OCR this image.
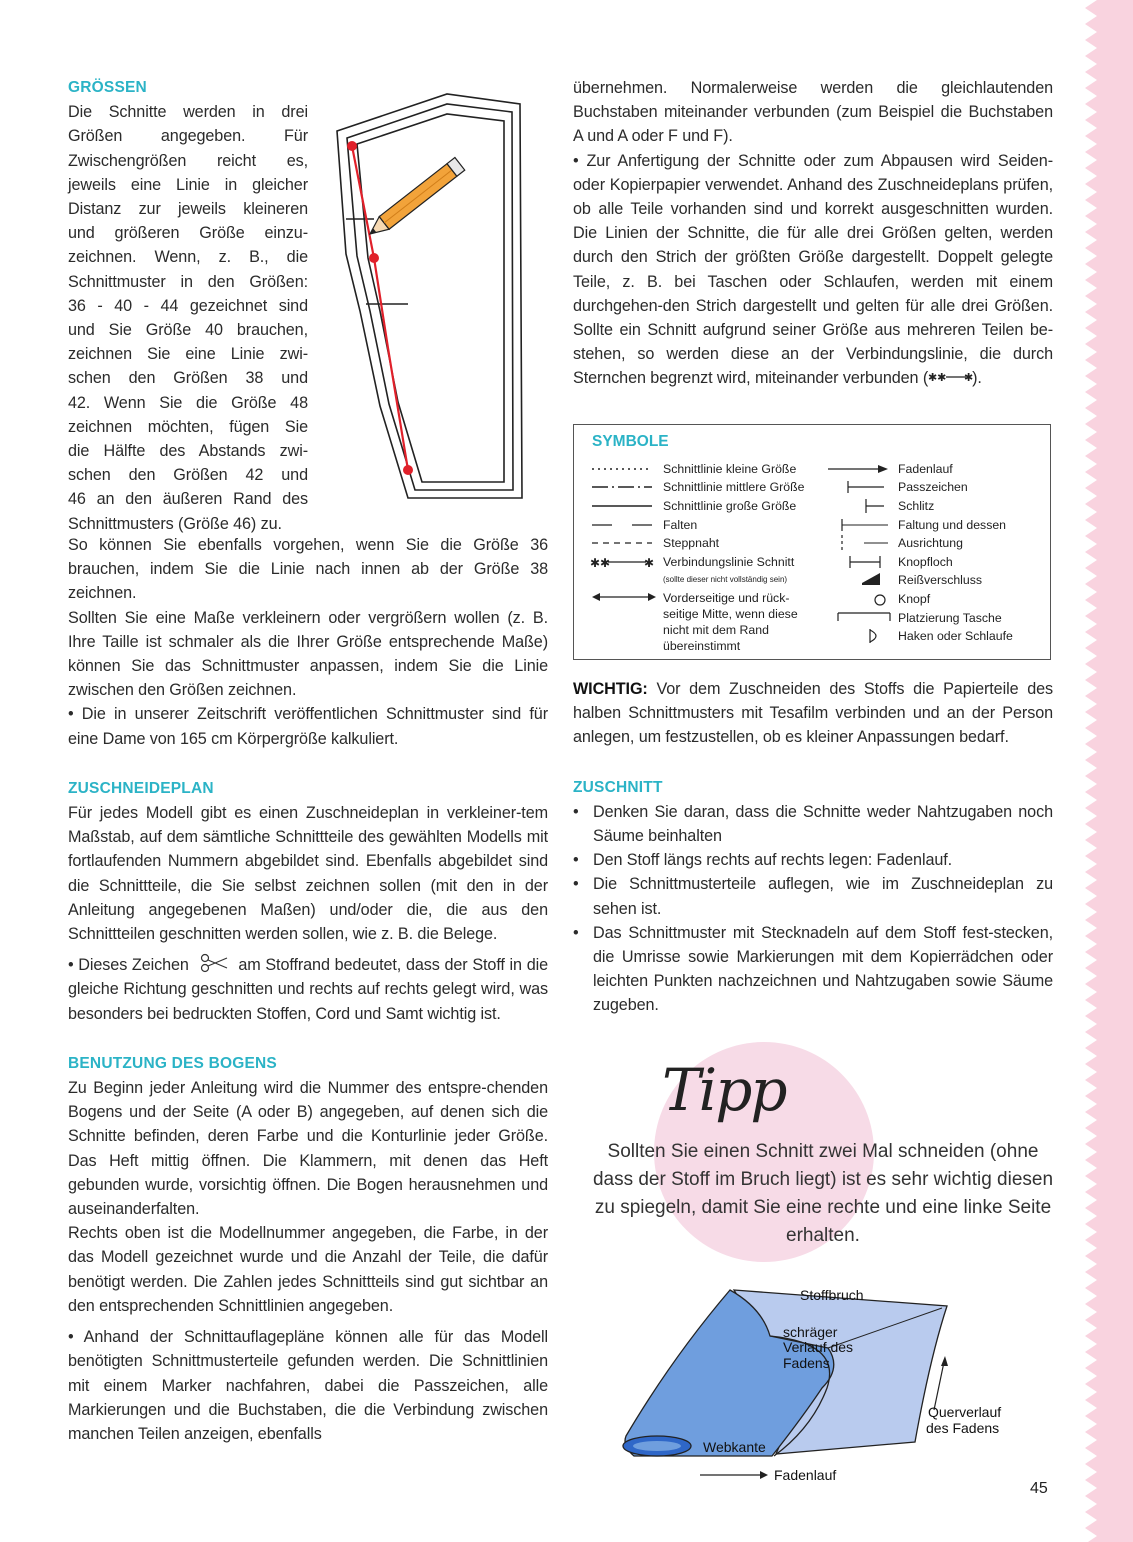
GRÖSSEN

Die Schnitte werden in drei
Größen angegeben. Für
Zwischengrößen reicht es,
jeweils eine Linie in gleicher
Distanz zur jeweils kleineren
und größeren Größe einzu-
zeichnen. Wenn, z. B., die
Schnittmuster in den Größen:
36 - 40 - 44 gezeichnet sind
und Sie Größe 40 brauchen,
zeichnen Sie eine Linie zwi-
schen den Größen 38 und
42. Wenn Sie die Größe 48
zeichnen möchten, fügen Sie
die Hälfte des Abstands zwi-
schen den Größen 42 und
46 an den äußeren Rand des
Schnittmusters (Größe 46) zu.

So können Sie ebenfalls vorgehen, wenn Sie die Größe 36 brauchen, indem Sie die Linie nach innen ab der Größe 38 zeichnen.

Sollten Sie eine Maße verkleinern oder vergrößern wollen (z. B. Ihre Taille ist schmaler als die Ihrer Größe entsprechende Maße) können Sie das Schnittmuster anpassen, indem Sie die Linie zwischen den Größen zeichnen.

• Die in unserer Zeitschrift veröffentlichen Schnittmuster sind für eine Dame von 165 cm Körpergröße kalkuliert.

ZUSCHNEIDEPLAN

Für jedes Modell gibt es einen Zuschneideplan in verkleiner-tem Maßstab, auf dem sämtliche Schnittteile des gewählten Modells mit fortlaufenden Nummern abgebildet sind. Ebenfalls abgebildet sind die Schnittteile, die Sie selbst zeichnen sollen (mit den in der Anleitung angegebenen Maßen) und/oder die, die aus den Schnittteilen geschnitten werden sollen, wie z. B. die Belege.

• Dieses Zeichen	am Stoffrand bedeutet, dass der Stoff in die gleiche Richtung geschnitten und rechts auf rechts gelegt wird, was besonders bei bedruckten Stoffen, Cord und Samt wichtig ist.

BENUTZUNG DES BOGENS

Zu Beginn jeder Anleitung wird die Nummer des entspre-chenden Bogens und der Seite (A oder B) angegeben, auf denen sich die Schnitte befinden, deren Farbe und die Konturlinie jeder Größe. Das Heft mittig öffnen. Die Klammern, mit denen das Heft gebunden wurde, vorsichtig öffnen. Die Bogen herausnehmen und auseinanderfalten.

Rechts oben ist die Modellnummer angegeben, die Farbe, in der das Modell gezeichnet wurde und die Anzahl der Teile, die dafür benötigt werden. Die Zahlen jedes Schnittteils sind gut sichtbar an den entsprechenden Schnittlinien angegeben.

• Anhand der Schnittauflagepläne können alle für das Modell benötigten Schnittmusterteile gefunden werden. Die Schnittlinien mit einem Marker nachfahren, dabei die Passzeichen, alle Markierungen und die Buchstaben, die die Verbindung zwischen manchen Teilen anzeigen, ebenfalls

übernehmen. Normalerweise werden die gleichlautenden Buchstaben miteinander verbunden (zum Beispiel die Buchstaben A und A oder F und F).

• Zur Anfertigung der Schnitte oder zum Abpausen wird Seiden- oder Kopierpapier verwendet. Anhand des Zuschneideplans prüfen, ob alle Teile vorhanden sind und korrekt ausgeschnitten wurden. Die Linien der Schnitte, die für alle drei Größen gelten, werden durch den Strich der größten Größe dargestellt. Doppelt gelegte Teile, z. B. bei Taschen oder Schlaufen, werden mit einem durchgehen-den Strich dargestellt und gelten für alle drei Größen. Sollte ein Schnitt aufgrund seiner Größe aus mehreren Teilen be-stehen, so werden diese an der Verbindungslinie, die durch Sternchen begrenzt wird, miteinander verbunden ( ✱✱ ✱
).

SYMBOLE
✱✱	✱
Schnittlinie kleine Größe
Schnittlinie mittlere Größe
Schnittlinie große Größe
Falten
Steppnaht
Verbindungslinie Schnitt
(sollte dieser nicht vollständig sein)
Vorderseitige und rück-
seitige Mitte, wenn diese
nicht mit dem Rand
übereinstimmt
Fadenlauf
Passzeichen
Schlitz
Faltung und dessen
Ausrichtung
Knopfloch
Reißverschluss
Knopf
Platzierung Tasche
Haken oder Schlaufe

WICHTIG: Vor dem Zuschneiden des Stoffs die Papierteile des halben Schnittmusters mit Tesafilm verbinden und an der Person anlegen, um festzustellen, ob es kleiner Anpassungen bedarf.

ZUSCHNITT

• Denken Sie daran, dass die Schnitte weder Nahtzugaben noch Säume beinhalten
• Den Stoff längs rechts auf rechts legen: Fadenlauf.
• Die Schnittmusterteile auflegen, wie im Zuschneideplan zu sehen ist.
• Das Schnittmuster mit Stecknadeln auf dem Stoff fest-stecken, die Umrisse sowie Markierungen mit dem Kopierrädchen oder leichten Punkten nachzeichnen und Nahtzugaben sowie Säume zugeben.
Tipp
Sollten Sie einen Schnitt zwei Mal schneiden (ohne dass der Stoff im Bruch liegt) ist es sehr wichtig diesen zu spiegeln, damit Sie eine rechte und eine linke Seite erhalten.
Stoffbruch
schräger
Verlauf des
Fadens
Querverlauf
des Fadens
Webkante
Fadenlauf
45
